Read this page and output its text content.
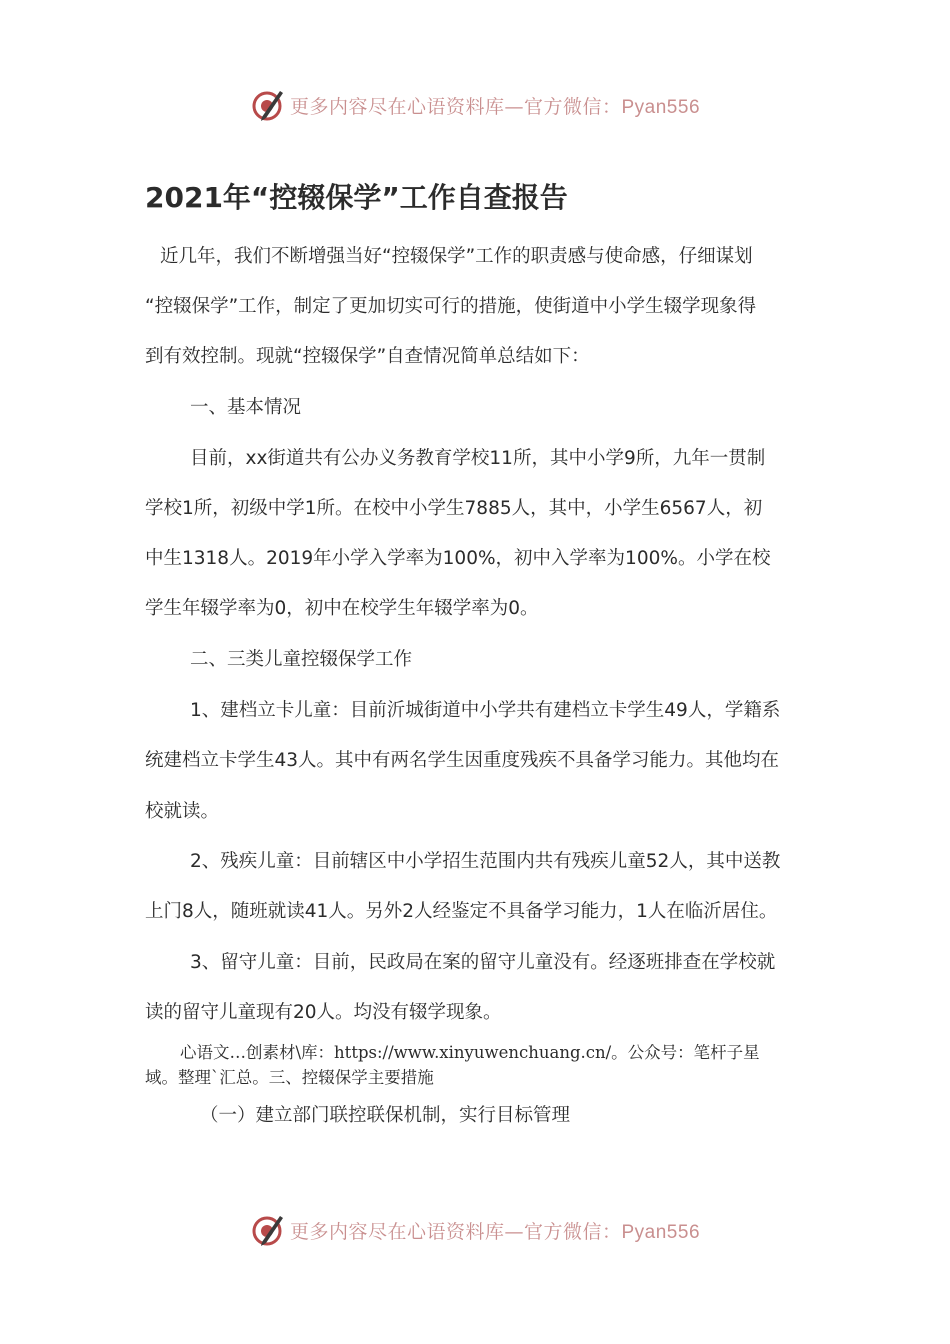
更多内容尽在心语资料库—官方微信：Pyan556
2021年“控辍保学”工作自查报告

近几年，我们不断增强当好“控辍保学”工作的职责感与使命感，仔细谋划

“控辍保学”工作，制定了更加切实可行的措施，使街道中小学生辍学现象得

到有效控制。现就“控辍保学”自查情况简单总结如下：

一、基本情况

目前，xx街道共有公办义务教育学校11所，其中小学9所，九年一贯制

学校1所，初级中学1所。在校中小学生7885人，其中，小学生6567人，初

中生1318人。2019年小学入学率为100%，初中入学率为100%。小学在校

学生年辍学率为0，初中在校学生年辍学率为0。

二、三类儿童控辍保学工作

1、建档立卡儿童：目前沂城街道中小学共有建档立卡学生49人，学籍系

统建档立卡学生43人。其中有两名学生因重度残疾不具备学习能力。其他均在

校就读。

2、残疾儿童：目前辖区中小学招生范围内共有残疾儿童52人，其中送教

上门8人，随班就读41人。另外2人经鉴定不具备学习能力，1人在临沂居住。

3、留守儿童：目前，民政局在案的留守儿童没有。经逐班排查在学校就

读的留守儿童现有20人。均没有辍学现象。

心语文…创素材\库：https://www.xinyuwenchuang.cn/。公众号：笔杆子星
域。整理`汇总。三、控辍保学主要措施

（一）建立部门联控联保机制，实行目标管理

更多内容尽在心语资料库—官方微信：Pyan556
